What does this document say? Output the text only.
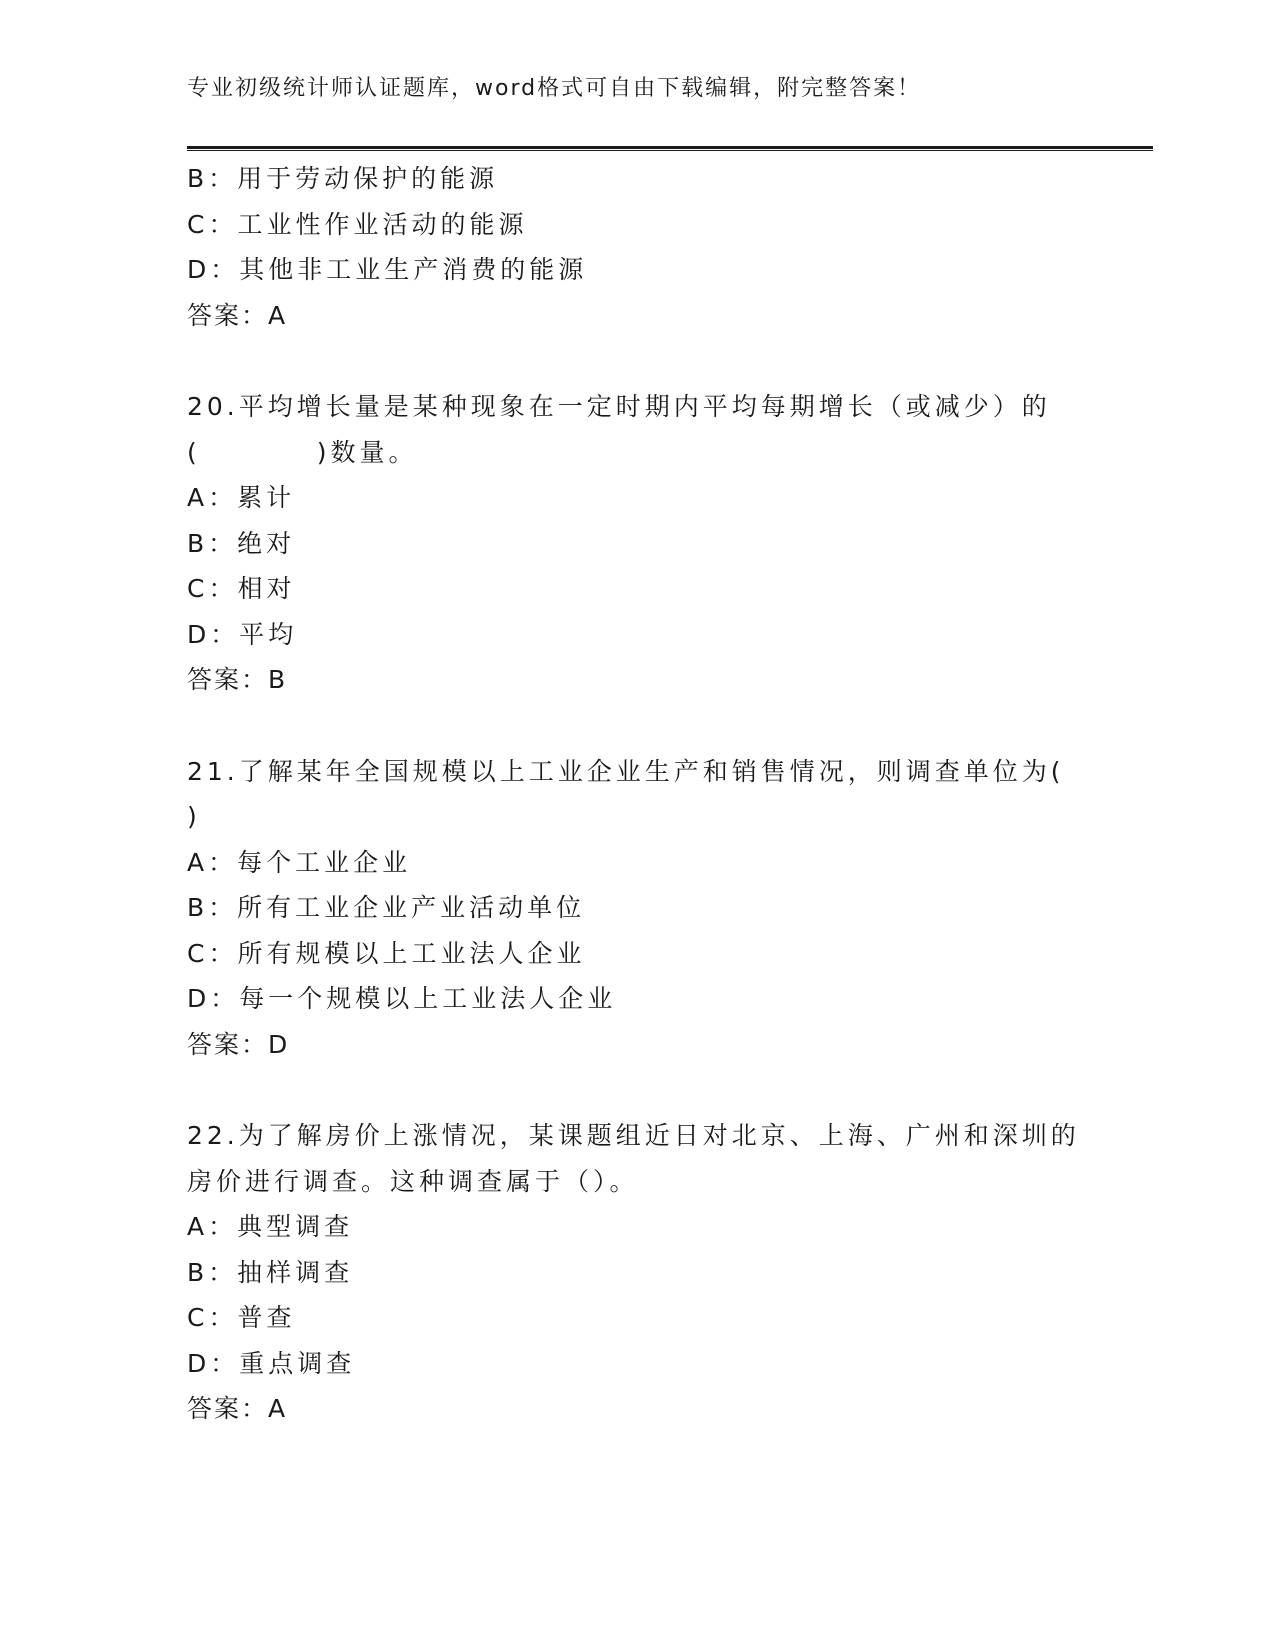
专业初级统计师认证题库，word格式可自由下载编辑，附完整答案！
B：用于劳动保护的能源
C：工业性作业活动的能源
D：其他非工业生产消费的能源
答案：A
20.平均增长量是某种现象在一定时期内平均每期增长（或减少）的
(　　　　)数量。
A：累计
B：绝对
C：相对
D：平均
答案：B
21.了解某年全国规模以上工业企业生产和销售情况，则调查单位为(
)
A：每个工业企业
B：所有工业企业产业活动单位
C：所有规模以上工业法人企业
D：每一个规模以上工业法人企业
答案：D
22.为了解房价上涨情况，某课题组近日对北京、上海、广州和深圳的
房价进行调查。这种调查属于（）。
A：典型调查
B：抽样调查
C：普查
D：重点调查
答案：A
